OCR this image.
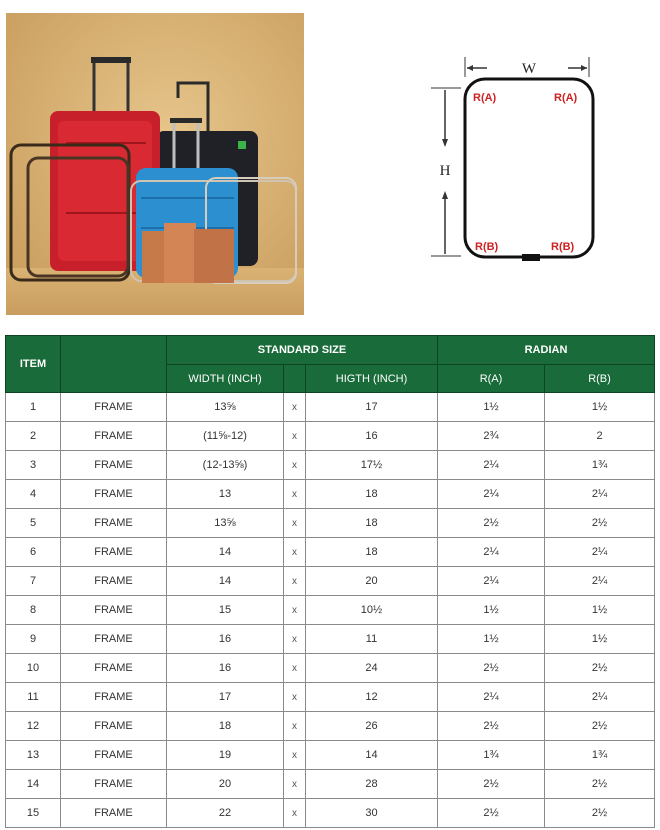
W
H
R(A)	R(A)
R(B)	R(B)
ITEM		STANDARD SIZE			RADIAN	
		WIDTH (INCH)		HIGTH (INCH)	R(A)	R(B)
1	FRAME	13⅝	x	17	1½	1½
2	FRAME	(11⅝-12)	x	16	2¾	2
3	FRAME	(12-13⅝)	x	17½	2¼	1¾
4	FRAME	13	x	18	2¼	2¼
5	FRAME	13⅝	x	18	2½	2½
6	FRAME	14	x	18	2¼	2¼
7	FRAME	14	x	20	2¼	2¼
8	FRAME	15	x	10½	1½	1½
9	FRAME	16	x	11	1½	1½
10	FRAME	16	x	24	2½	2½
11	FRAME	17	x	12	2¼	2¼
12	FRAME	18	x	26	2½	2½
13	FRAME	19	x	14	1¾	1¾
14	FRAME	20	x	28	2½	2½
15	FRAME	22	x	30	2½	2½
